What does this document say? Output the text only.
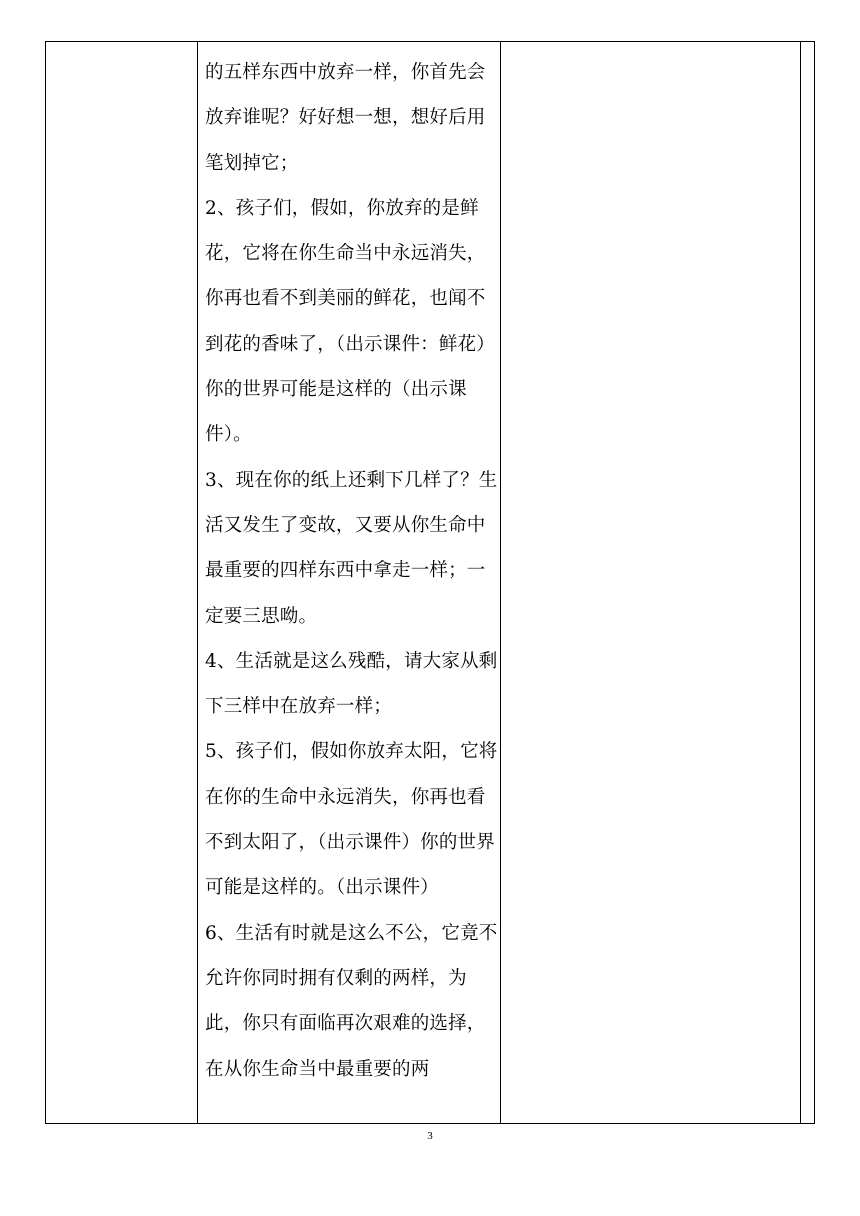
的五样东西中放弃一样，你首先会放弃谁呢？好好想一想，想好后用笔划掉它；

2、孩子们，假如，你放弃的是鲜花，它将在你生命当中永远消失，你再也看不到美丽的鲜花，也闻不到花的香味了，（出示课件：鲜花）你的世界可能是这样的（出示课件）。

3、现在你的纸上还剩下几样了？生活又发生了变故，又要从你生命中最重要的四样东西中拿走一样；一定要三思呦。

4、生活就是这么残酷，请大家从剩下三样中在放弃一样；

5、孩子们，假如你放弃太阳，它将在你的生命中永远消失，你再也看不到太阳了，（出示课件）你的世界可能是这样的。（出示课件）

6、生活有时就是这么不公，它竟不允许你同时拥有仅剩的两样，为此，你只有面临再次艰难的选择，在从你生命当中最重要的两

3
